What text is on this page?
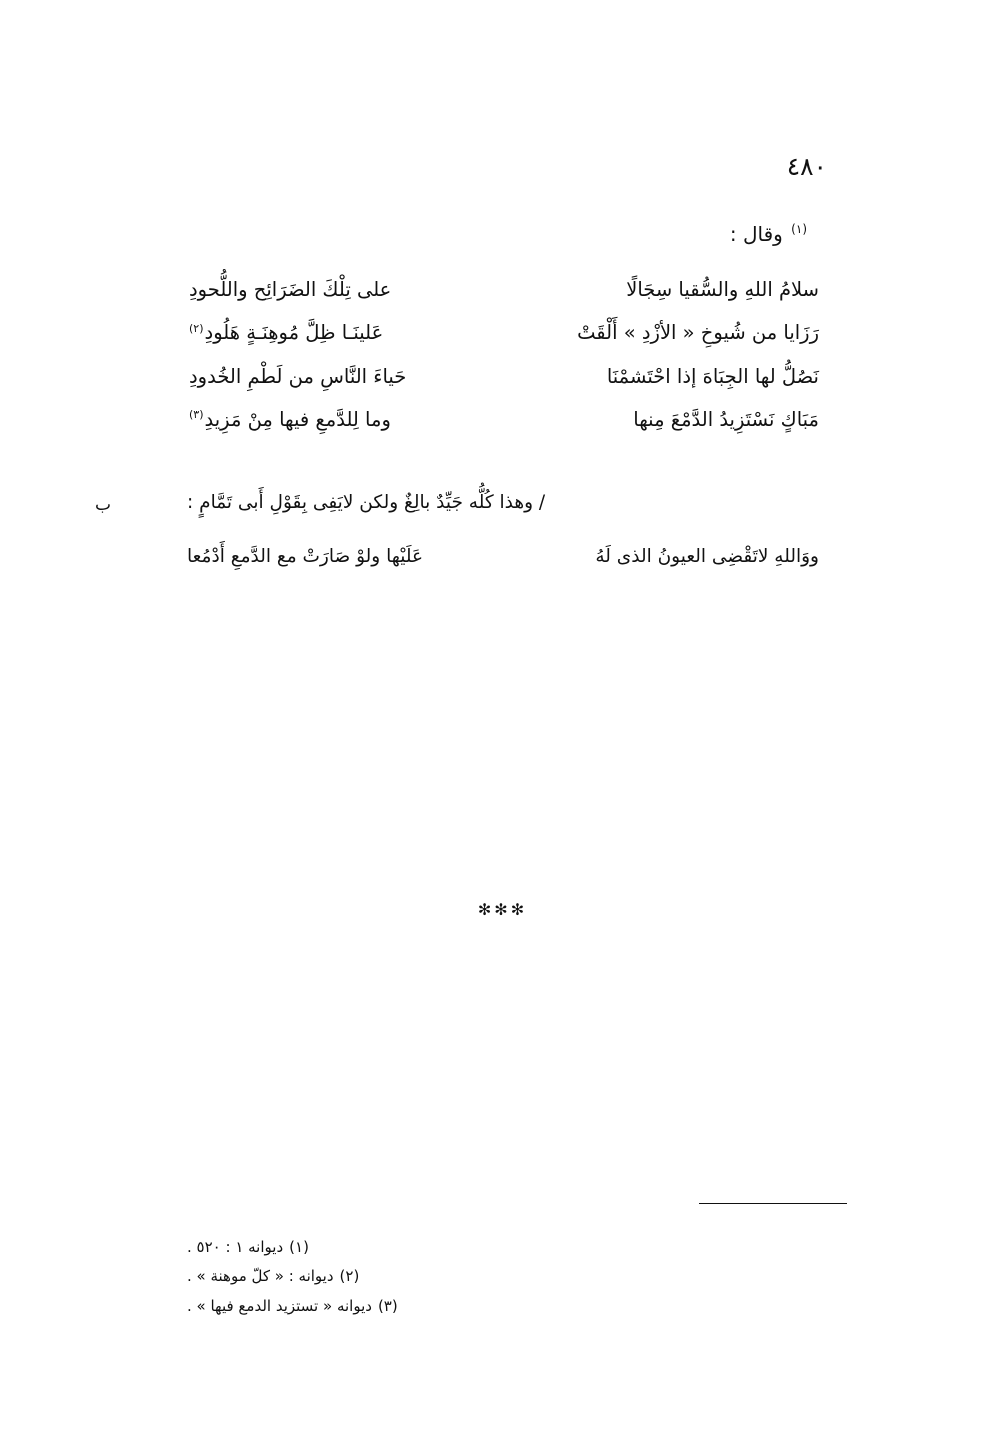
٤٨٠
$^{(١)}$ وقال :
سلامُ اللهِ والسُّقيا سِجَالًا
على تِلْكَ الضَرَائِح واللُّحودِ
رَزَايا من شُيوخِ « الأزْدِ » أَلْقَتْ
عَلينَـا ظِلَّ مُوهِنَـةٍ هَلُودِ$^{(٢)}$
نَصُلُّ لها الجِبَاهَ إذا احْتَشمْنَا
حَياءَ النَّاسِ من لَطْمِ الخُدودِ
مَبَاكٍ نَسْتَزِيدُ الدَّمْعَ مِنها
وما لِلدَّمعِ فيها مِنْ مَزِيدِ$^{(٣)}$
/ وهذا كُلُّه جَيِّدٌ بالِغٌ ولكن لايَفِى بِقَوْلِ أَبى تَمَّامٍ :
ب
ووَاللهِ لاتَقْضِى العيونُ الذى لَهُ
عَلَيْها ولوْ صَارَتْ مع الدَّمعِ أَدْمُعا
✻✻✻
(١)ديوانه ١ : ٥٢٠ .
(٢)ديوانه : « كلّ موهنة » .
(٣)ديوانه « تستزيد الدمع فيها » .
